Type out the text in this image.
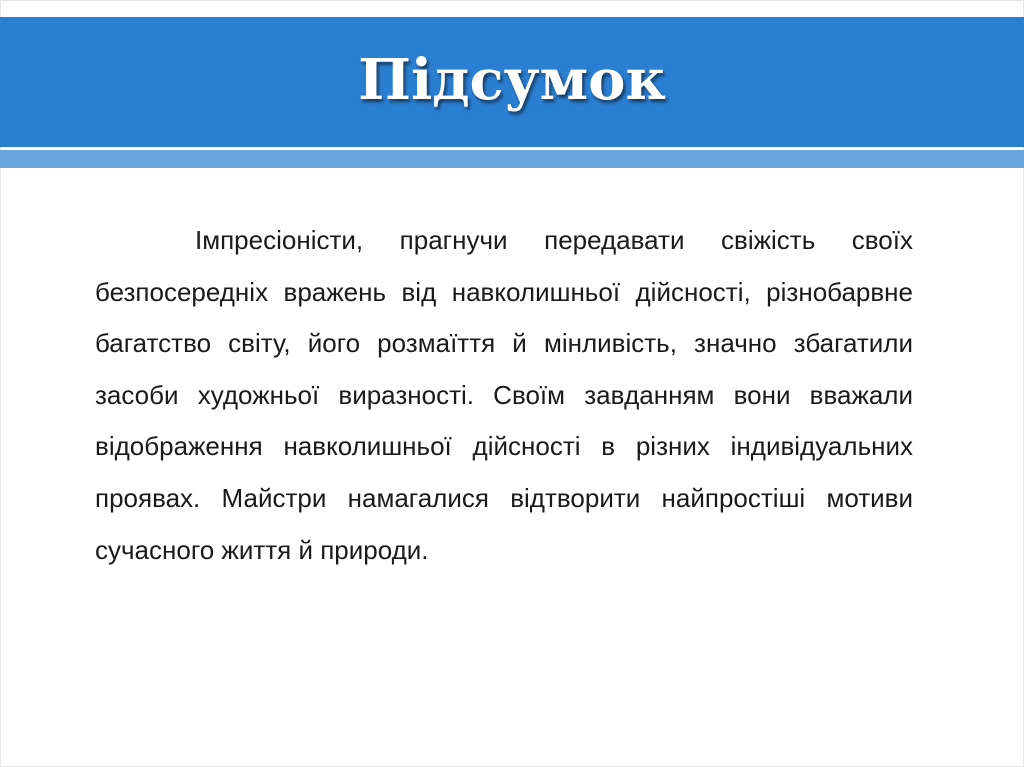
Підсумок

Імпресіоністи, прагнучи передавати свіжість своїх безпосередніх вражень від навколишньої дійсності, різнобарвне багатство світу, його розмаїття й мінливість, значно збагатили засоби художньої виразності. Своїм завданням вони вважали відображення навколишньої дійсності в різних індивідуальних проявах. Майстри намагалися відтворити найпростіші мотиви сучасного життя й природи.
